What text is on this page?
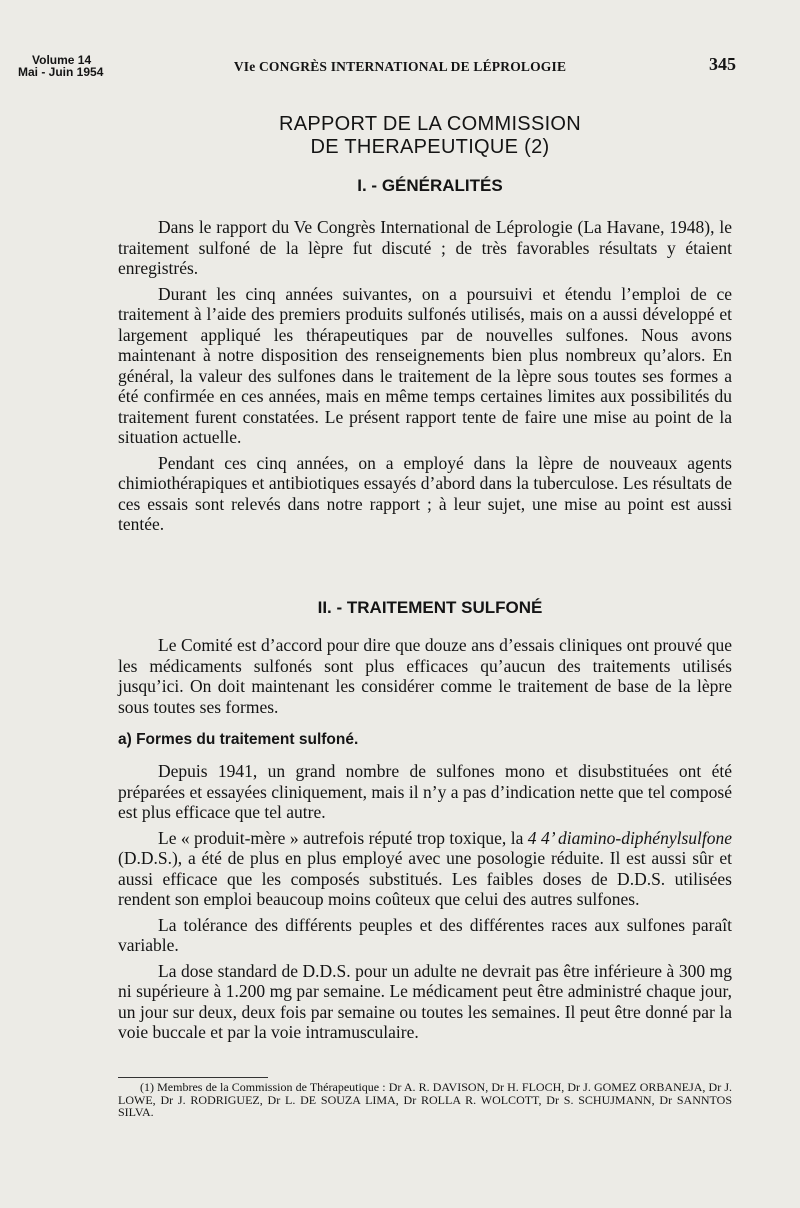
Volume 14
Mai - Juin 1954	VIe CONGRÈS INTERNATIONAL DE LÉPROLOGIE	345
RAPPORT DE LA COMMISSION
DE THERAPEUTIQUE (2)
I. - GÉNÉRALITÉS

Dans le rapport du Ve Congrès International de Léprologie (La Havane, 1948), le traitement sulfoné de la lèpre fut discuté ; de très favorables résultats y étaient enregistrés.

Durant les cinq années suivantes, on a poursuivi et étendu l’emploi de ce traitement à l’aide des premiers produits sulfonés utilisés, mais on a aussi développé et largement appliqué les thérapeutiques par de nouvelles sulfones. Nous avons maintenant à notre disposition des renseignements bien plus nombreux qu’alors. En général, la valeur des sulfones dans le traitement de la lèpre sous toutes ses formes a été confirmée en ces années, mais en même temps certaines limites aux possibilités du traitement furent constatées. Le présent rapport tente de faire une mise au point de la situation actuelle.

Pendant ces cinq années, on a employé dans la lèpre de nouveaux agents chimiothérapiques et antibiotiques essayés d’abord dans la tuberculose. Les résultats de ces essais sont relevés dans notre rapport ; à leur sujet, une mise au point est aussi tentée.

II. - TRAITEMENT SULFONÉ

Le Comité est d’accord pour dire que douze ans d’essais cliniques ont prouvé que les médicaments sulfonés sont plus efficaces qu’aucun des traitements utilisés jusqu’ici. On doit maintenant les considérer comme le traitement de base de la lèpre sous toutes ses formes.

a) Formes du traitement sulfoné.

Depuis 1941, un grand nombre de sulfones mono et disubstituées ont été préparées et essayées cliniquement, mais il n’y a pas d’indication nette que tel composé est plus efficace que tel autre.

Le « produit-mère » autrefois réputé trop toxique, la 4 4’ diamino-diphénylsulfone (D.D.S.), a été de plus en plus employé avec une posologie réduite. Il est aussi sûr et aussi efficace que les composés substitués. Les faibles doses de D.D.S. utilisées rendent son emploi beaucoup moins coûteux que celui des autres sulfones.

La tolérance des différents peuples et des différentes races aux sulfones paraît variable.

La dose standard de D.D.S. pour un adulte ne devrait pas être inférieure à 300 mg ni supérieure à 1.200 mg par semaine. Le médicament peut être administré chaque jour, un jour sur deux, deux fois par semaine ou toutes les semaines. Il peut être donné par la voie buccale et par la voie intramusculaire.

(1) Membres de la Commission de Thérapeutique : Dr A. R. DAVISON, Dr H. FLOCH, Dr J. GOMEZ ORBANEJA, Dr J. LOWE, Dr J. RODRIGUEZ, Dr L. DE SOUZA LIMA, Dr ROLLA R. WOLCOTT, Dr S. SCHUJMANN, Dr SANNTOS SILVA.
